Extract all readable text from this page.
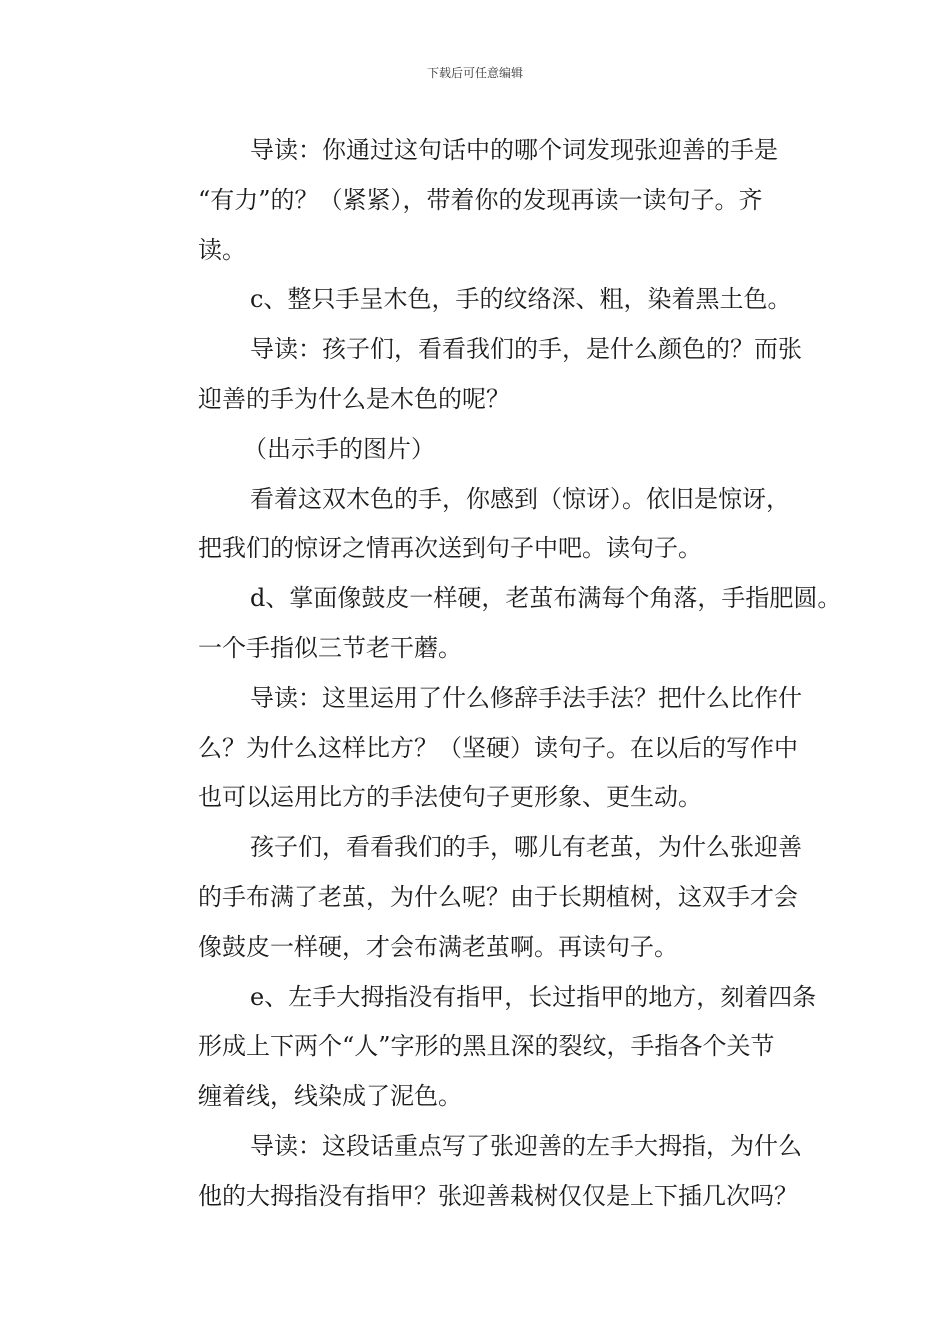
下载后可任意编辑
导读：你通过这句话中的哪个词发现张迎善的手是
“有力”的？（紧紧），带着你的发现再读一读句子。齐
读。
c、整只手呈木色，手的纹络深、粗，染着黑土色。
导读：孩子们，看看我们的手，是什么颜色的？而张
迎善的手为什么是木色的呢？
（出示手的图片）
看着这双木色的手，你感到（惊讶）。依旧是惊讶，
把我们的惊讶之情再次送到句子中吧。读句子。
d、掌面像鼓皮一样硬，老茧布满每个角落，手指肥圆。
一个手指似三节老干蘑。
导读：这里运用了什么修辞手法手法？把什么比作什
么？为什么这样比方？（坚硬）读句子。在以后的写作中
也可以运用比方的手法使句子更形象、更生动。
孩子们，看看我们的手，哪儿有老茧，为什么张迎善
的手布满了老茧，为什么呢？由于长期植树，这双手才会
像鼓皮一样硬，才会布满老茧啊。再读句子。
e、左手大拇指没有指甲，长过指甲的地方，刻着四条
形成上下两个“人”字形的黑且深的裂纹，手指各个关节
缠着线，线染成了泥色。
导读：这段话重点写了张迎善的左手大拇指，为什么
他的大拇指没有指甲？张迎善栽树仅仅是上下插几次吗？
